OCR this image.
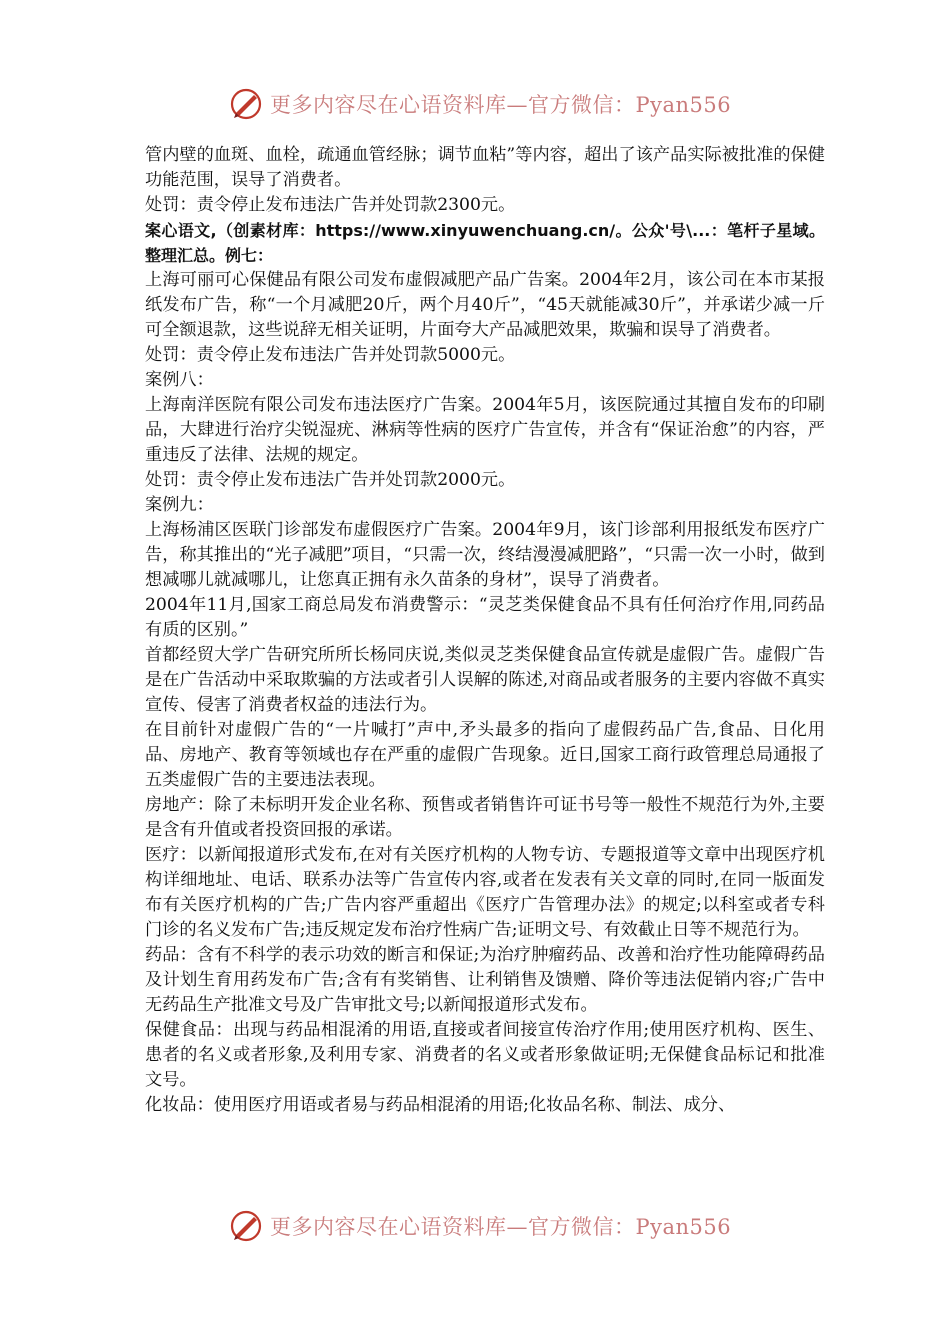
更多内容尽在心语资料库—官方微信：Pyan556

管内壁的血斑、血栓，疏通血管经脉；调节血粘”等内容，超出了该产品实际被批准的保健功能范围，误导了消费者。

处罚：责令停止发布违法广告并处罚款2300元。

案心语文,（创素材库：https://www.xinyuwenchuang.cn/。公众'号\...：笔杆子星域。整理汇总。例七：

上海可丽可心保健品有限公司发布虚假减肥产品广告案。2004年2月，该公司在本市某报纸发布广告，称“一个月减肥20斤，两个月40斤”，“45天就能减30斤”，并承诺少减一斤可全额退款，这些说辞无相关证明，片面夸大产品减肥效果，欺骗和误导了消费者。

处罚：责令停止发布违法广告并处罚款5000元。

案例八：

上海南洋医院有限公司发布违法医疗广告案。2004年5月，该医院通过其擅自发布的印刷品，大肆进行治疗尖锐湿疣、淋病等性病的医疗广告宣传，并含有“保证治愈”的内容，严重违反了法律、法规的规定。

处罚：责令停止发布违法广告并处罚款2000元。

案例九：

上海杨浦区医联门诊部发布虚假医疗广告案。2004年9月，该门诊部利用报纸发布医疗广告，称其推出的“光子减肥”项目，“只需一次，终结漫漫减肥路”，“只需一次一小时，做到想减哪儿就减哪儿，让您真正拥有永久苗条的身材”，误导了消费者。

2004年11月,国家工商总局发布消费警示：“灵芝类保健食品不具有任何治疗作用,同药品有质的区别。”

首都经贸大学广告研究所所长杨同庆说,类似灵芝类保健食品宣传就是虚假广告。虚假广告是在广告活动中采取欺骗的方法或者引人误解的陈述,对商品或者服务的主要内容做不真实宣传、侵害了消费者权益的违法行为。

在目前针对虚假广告的“一片喊打”声中,矛头最多的指向了虚假药品广告,食品、日化用品、房地产、教育等领域也存在严重的虚假广告现象。近日,国家工商行政管理总局通报了五类虚假广告的主要违法表现。

房地产：除了未标明开发企业名称、预售或者销售许可证书号等一般性不规范行为外,主要是含有升值或者投资回报的承诺。

医疗：以新闻报道形式发布,在对有关医疗机构的人物专访、专题报道等文章中出现医疗机构详细地址、电话、联系办法等广告宣传内容,或者在发表有关文章的同时,在同一版面发布有关医疗机构的广告;广告内容严重超出《医疗广告管理办法》的规定;以科室或者专科门诊的名义发布广告;违反规定发布治疗性病广告;证明文号、有效截止日等不规范行为。

药品：含有不科学的表示功效的断言和保证;为治疗肿瘤药品、改善和治疗性功能障碍药品及计划生育用药发布广告;含有有奖销售、让利销售及馈赠、降价等违法促销内容;广告中无药品生产批准文号及广告审批文号;以新闻报道形式发布。

保健食品：出现与药品相混淆的用语,直接或者间接宣传治疗作用;使用医疗机构、医生、患者的名义或者形象,及利用专家、消费者的名义或者形象做证明;无保健食品标记和批准文号。

化妆品：使用医疗用语或者易与药品相混淆的用语;化妆品名称、制法、成分、

更多内容尽在心语资料库—官方微信：Pyan556
